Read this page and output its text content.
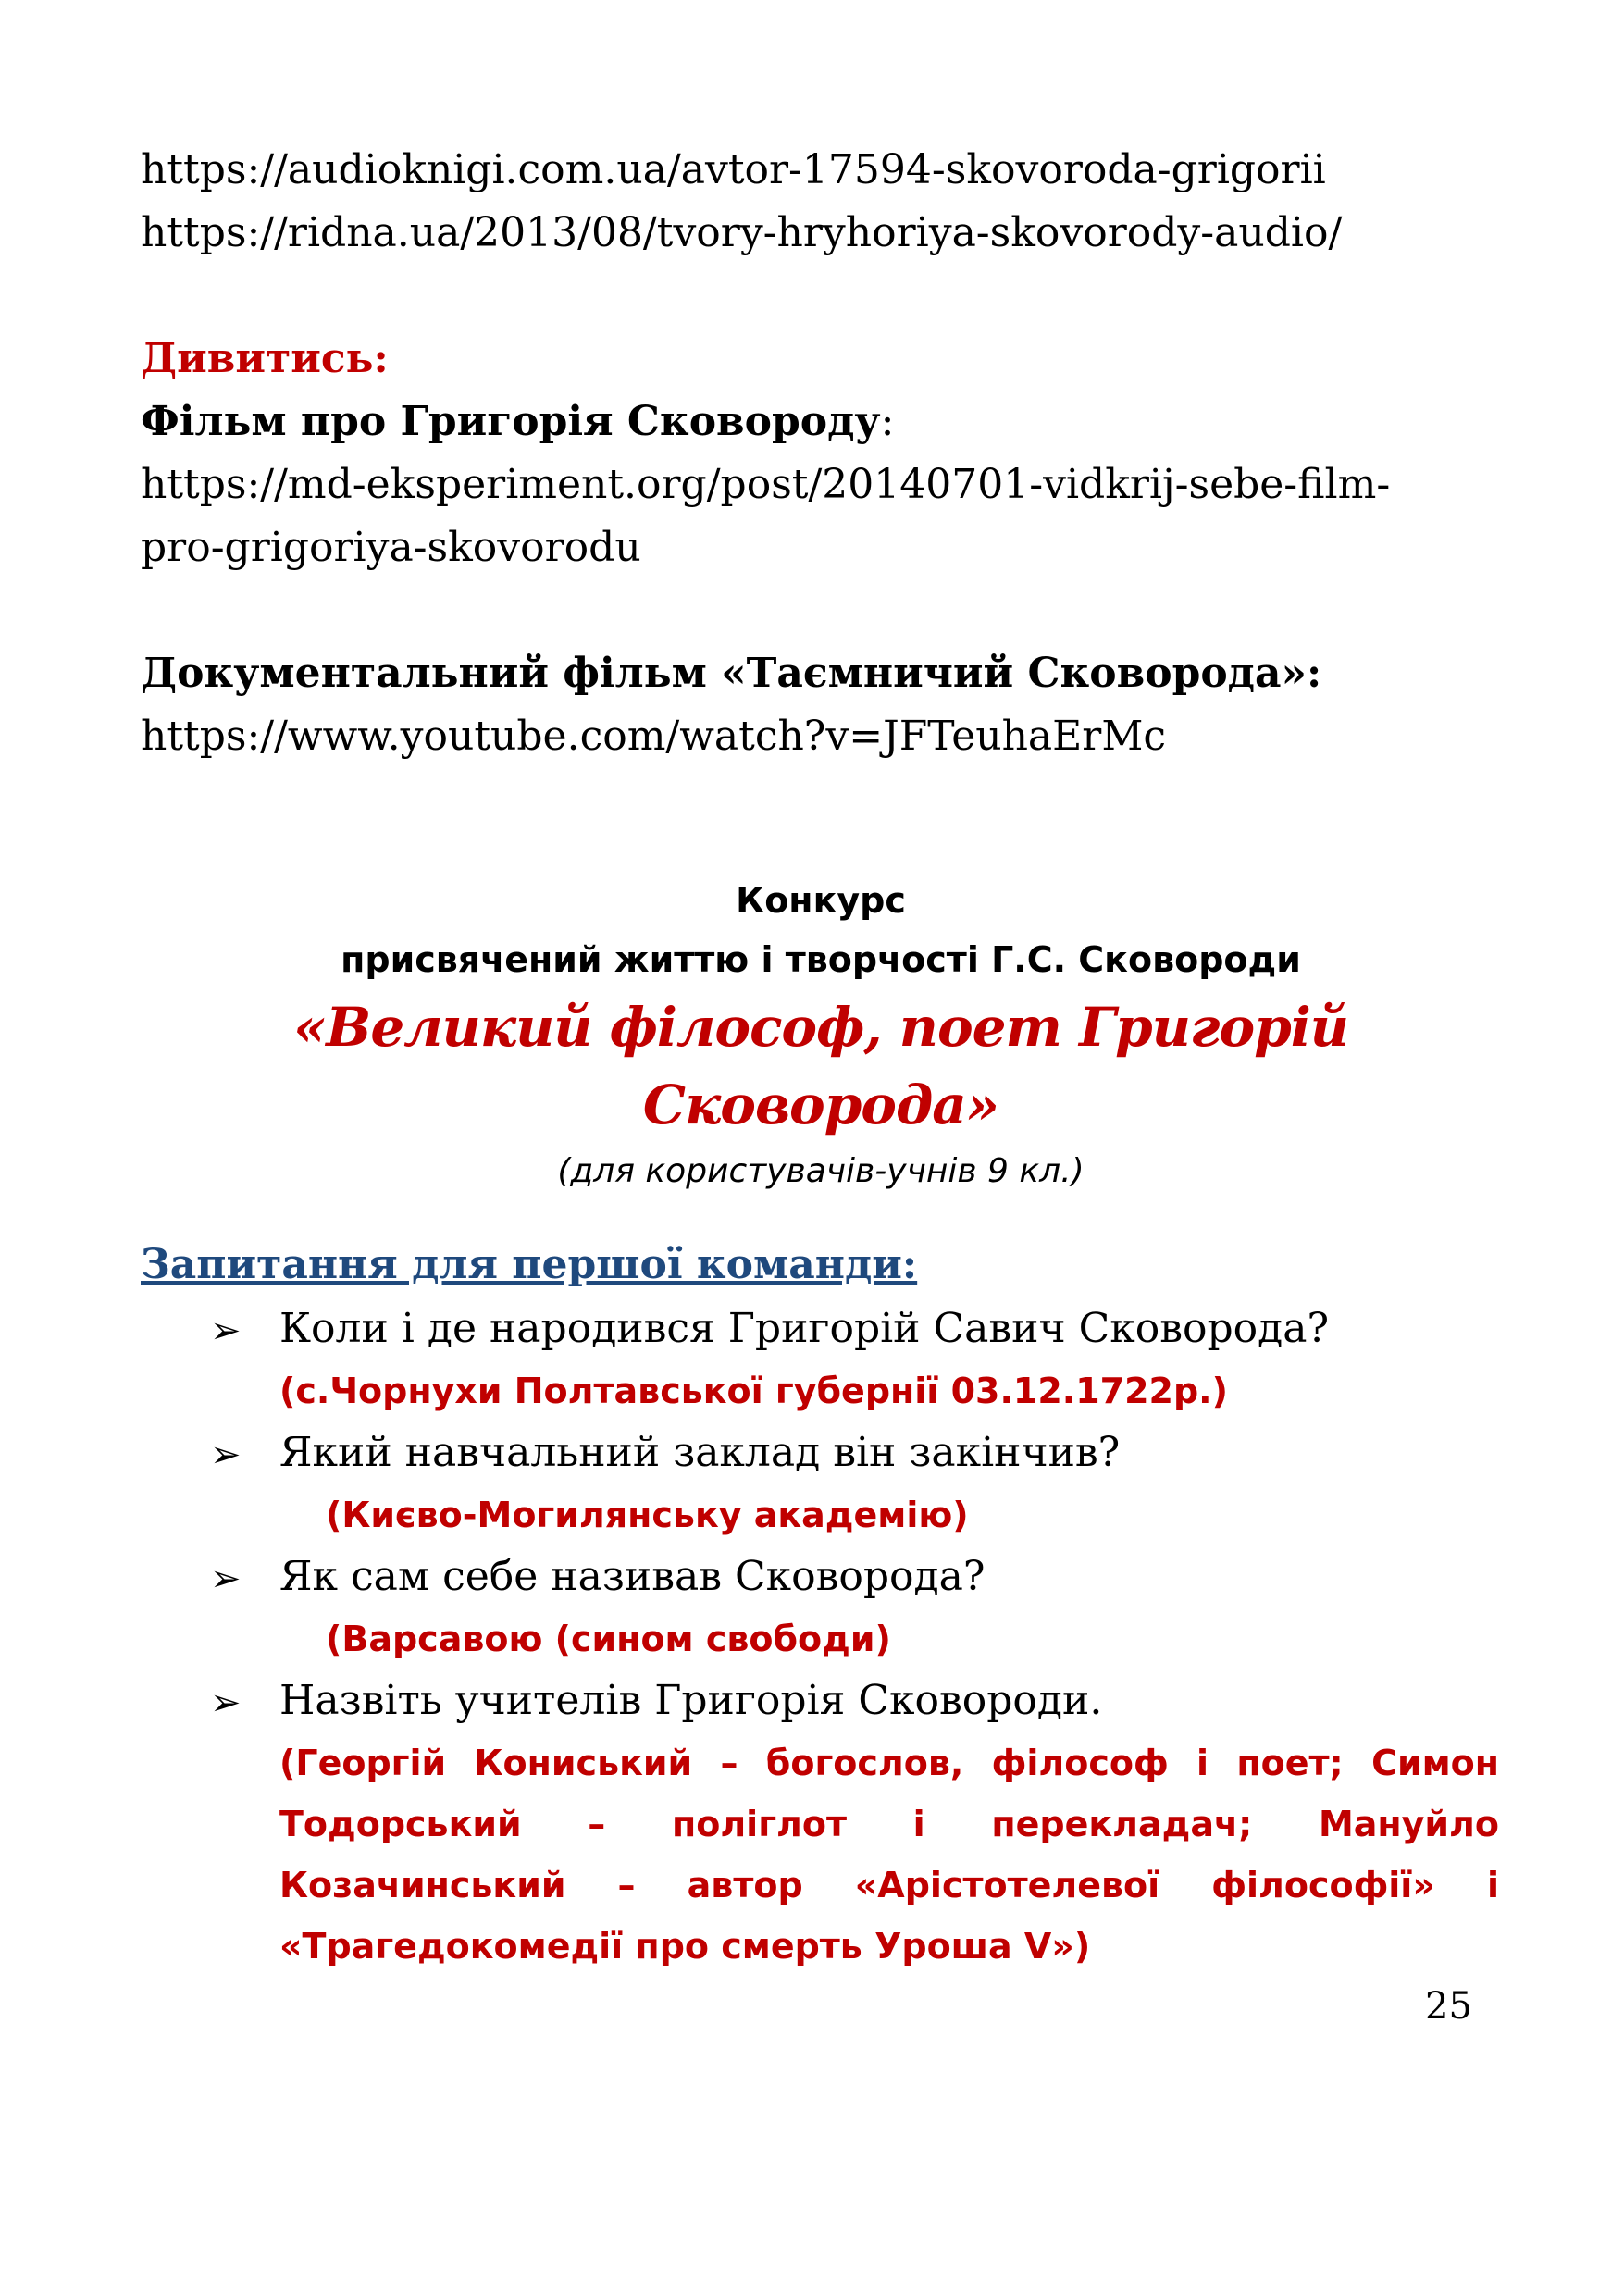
https://audioknigi.com.ua/avtor-17594-skovoroda-grigorii

https://ridna.ua/2013/08/tvory-hryhoriya-skovorody-audio/

Дивитись:

Фільм про Григорія Сковороду:

https://md-eksperiment.org/post/20140701-vidkrij-sebe-film-pro-grigoriya-skovorodu

Документальний фільм «Таємничий Сковорода»:

https://www.youtube.com/watch?v=JFTeuhaErMc

Конкурс

присвячений життю і творчості Г.С. Сковороди

«Великий філософ, поет Григорій Сковорода»

(для користувачів-учнів 9 кл.)

Запитання для першої команди:

➢ Коли і де народився Григорій Савич Сковорода?

(с.Чорнухи Полтавської губернії 03.12.1722р.)

➢ Який навчальний заклад він закінчив?

(Києво-Могилянську академію)

➢ Як сам себе називав Сковорода?

(Варсавою (сином свободи)

➢ Назвіть учителів Григорія Сковороди.

(Георгій Кониський – богослов, філософ і поет; Симон Тодорський – поліглот і перекладач; Мануйло Козачинський – автор «Арістотелевої філософії» і «Трагедокомедії про смерть Уроша V»)

25
